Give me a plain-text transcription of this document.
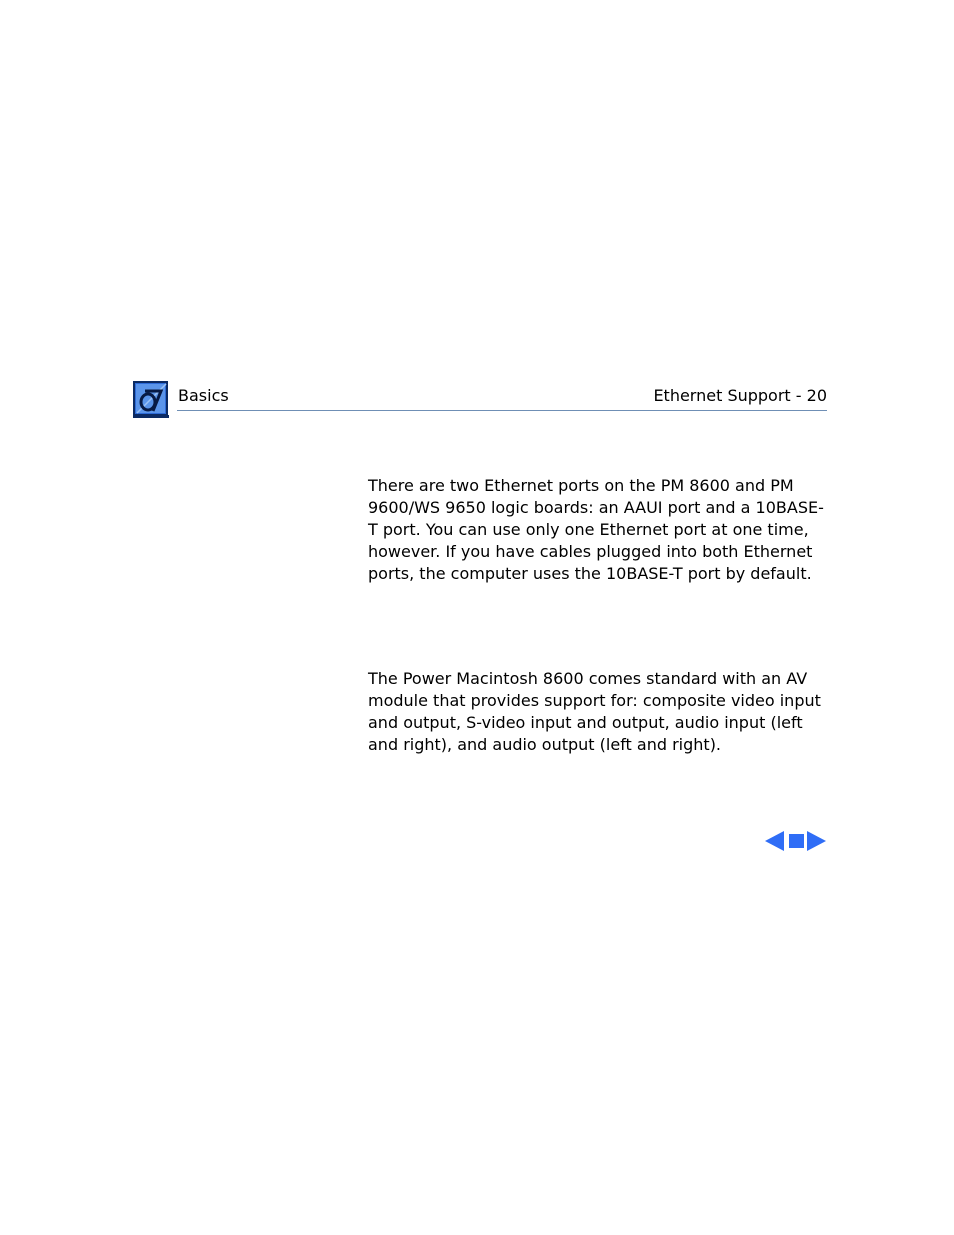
Basics	Ethernet Support - 20

There are two Ethernet ports on the PM 8600 and PM 9600/WS 9650 logic boards: an AAUI port and a 10BASE-T port. You can use only one Ethernet port at one time, however. If you have cables plugged into both Ethernet ports, the computer uses the 10BASE-T port by default.

The Power Macintosh 8600 comes standard with an AV module that provides support for: composite video input and output, S-video input and output, audio input (left and right), and audio output (left and right).
